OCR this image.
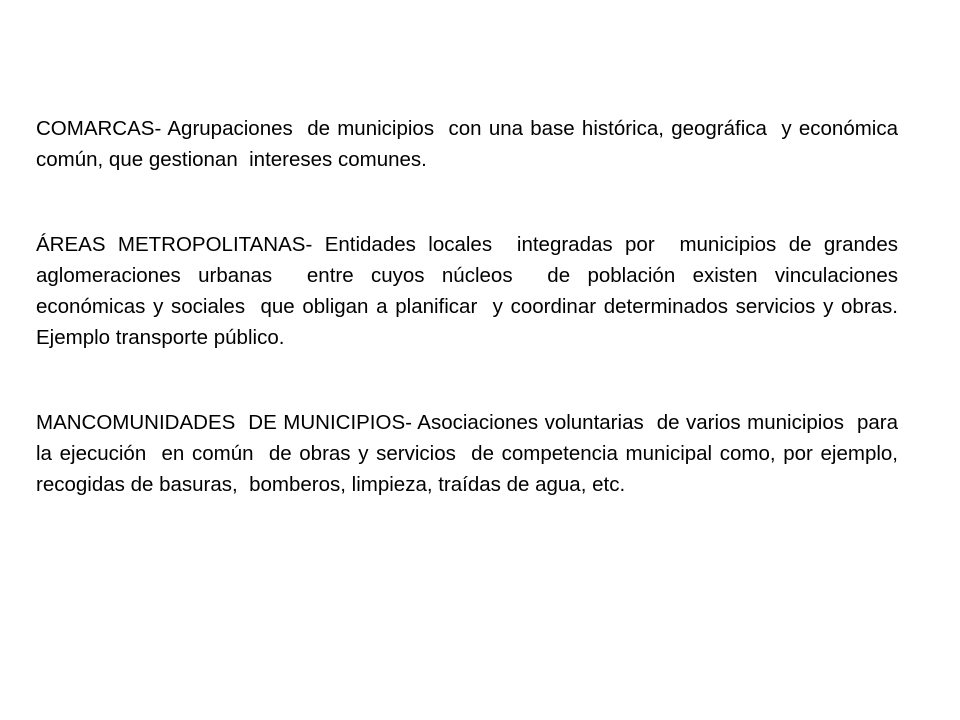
COMARCAS- Agrupaciones  de municipios  con una base histórica, geográfica  y económica común, que gestionan  intereses comunes.

ÁREAS METROPOLITANAS- Entidades locales  integradas por  municipios de grandes aglomeraciones urbanas  entre cuyos núcleos  de población existen vinculaciones  económicas y sociales  que obligan a planificar  y coordinar determinados servicios y obras. Ejemplo transporte público.

MANCOMUNIDADES  DE MUNICIPIOS- Asociaciones voluntarias  de varios municipios  para la ejecución  en común  de obras y servicios  de competencia municipal como, por ejemplo,  recogidas de basuras,  bomberos, limpieza, traídas de agua, etc.
